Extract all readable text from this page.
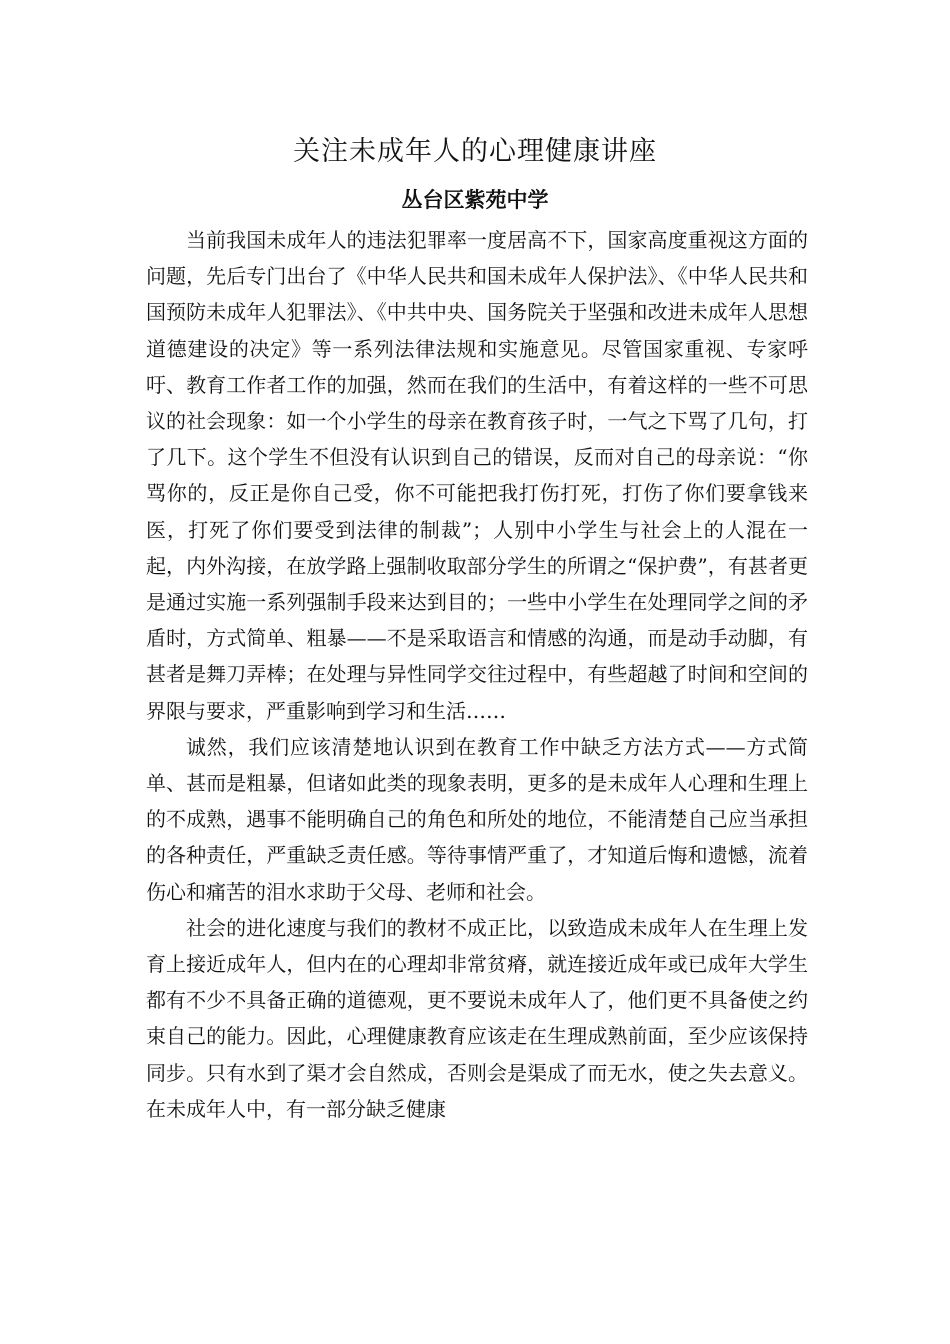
关注未成年人的心理健康讲座
丛台区紫苑中学

当前我国未成年人的违法犯罪率一度居高不下，国家高度重视这方面的问题，先后专门出台了《中华人民共和国未成年人保护法》、《中华人民共和国预防未成年人犯罪法》、《中共中央、国务院关于坚强和改进未成年人思想道德建设的决定》等一系列法律法规和实施意见。尽管国家重视、专家呼吁、教育工作者工作的加强，然而在我们的生活中，有着这样的一些不可思议的社会现象：如一个小学生的母亲在教育孩子时，一气之下骂了几句，打了几下。这个学生不但没有认识到自己的错误，反而对自己的母亲说：“你骂你的，反正是你自己受，你不可能把我打伤打死，打伤了你们要拿钱来医，打死了你们要受到法律的制裁”；人别中小学生与社会上的人混在一起，内外沟接，在放学路上强制收取部分学生的所谓之“保护费”，有甚者更是通过实施一系列强制手段来达到目的；一些中小学生在处理同学之间的矛盾时，方式简单、粗暴——不是采取语言和情感的沟通，而是动手动脚，有甚者是舞刀弄棒；在处理与异性同学交往过程中，有些超越了时间和空间的界限与要求，严重影响到学习和生活……

诚然，我们应该清楚地认识到在教育工作中缺乏方法方式——方式简单、甚而是粗暴，但诸如此类的现象表明，更多的是未成年人心理和生理上的不成熟，遇事不能明确自己的角色和所处的地位，不能清楚自己应当承担的各种责任，严重缺乏责任感。等待事情严重了，才知道后悔和遗憾，流着伤心和痛苦的泪水求助于父母、老师和社会。

社会的进化速度与我们的教材不成正比，以致造成未成年人在生理上发育上接近成年人，但内在的心理却非常贫瘠，就连接近成年或已成年大学生都有不少不具备正确的道德观，更不要说未成年人了，他们更不具备使之约束自己的能力。因此，心理健康教育应该走在生理成熟前面，至少应该保持同步。只有水到了渠才会自然成，否则会是渠成了而无水，使之失去意义。在未成年人中，有一部分缺乏健康
